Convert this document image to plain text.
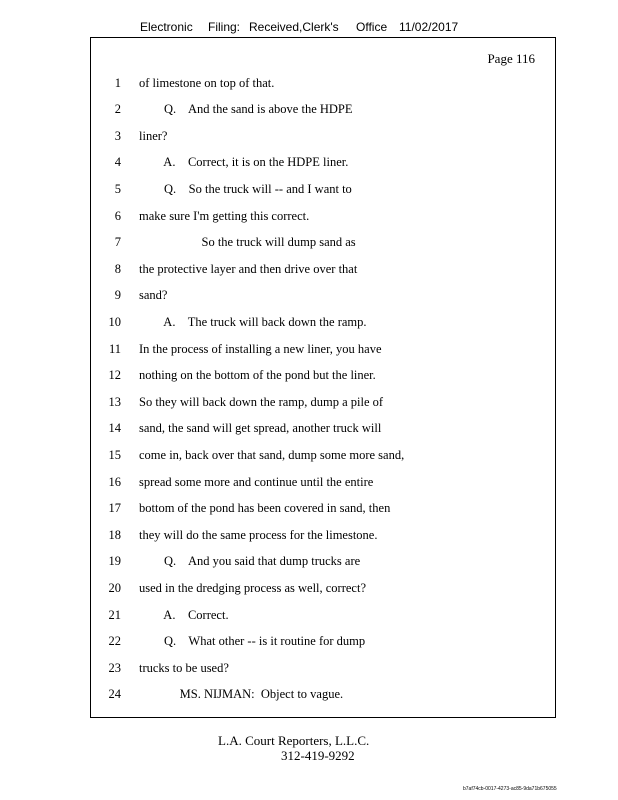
Electronic Filing: Received,Clerk's Office 11/02/2017
Page 116
1 of limestone on top of that.
2 Q.    And the sand is above the HDPE
3 liner?
4 A.    Correct, it is on the HDPE liner.
5 Q.    So the truck will -- and I want to
6 make sure I'm getting this correct.
7 So the truck will dump sand as
8 the protective layer and then drive over that
9 sand?
10 A.    The truck will back down the ramp.
11 In the process of installing a new liner, you have
12 nothing on the bottom of the pond but the liner.
13 So they will back down the ramp, dump a pile of
14 sand, the sand will get spread, another truck will
15 come in, back over that sand, dump some more sand,
16 spread some more and continue until the entire
17 bottom of the pond has been covered in sand, then
18 they will do the same process for the limestone.
19 Q.    And you said that dump trucks are
20 used in the dredging process as well, correct?
21 A.    Correct.
22 Q.    What other -- is it routine for dump
23 trucks to be used?
24 MS. NIJMAN:  Object to vague.
L.A. Court Reporters, L.L.C.
312-419-9292
b7af74cb-0017-4273-ac85-9da71b675055
